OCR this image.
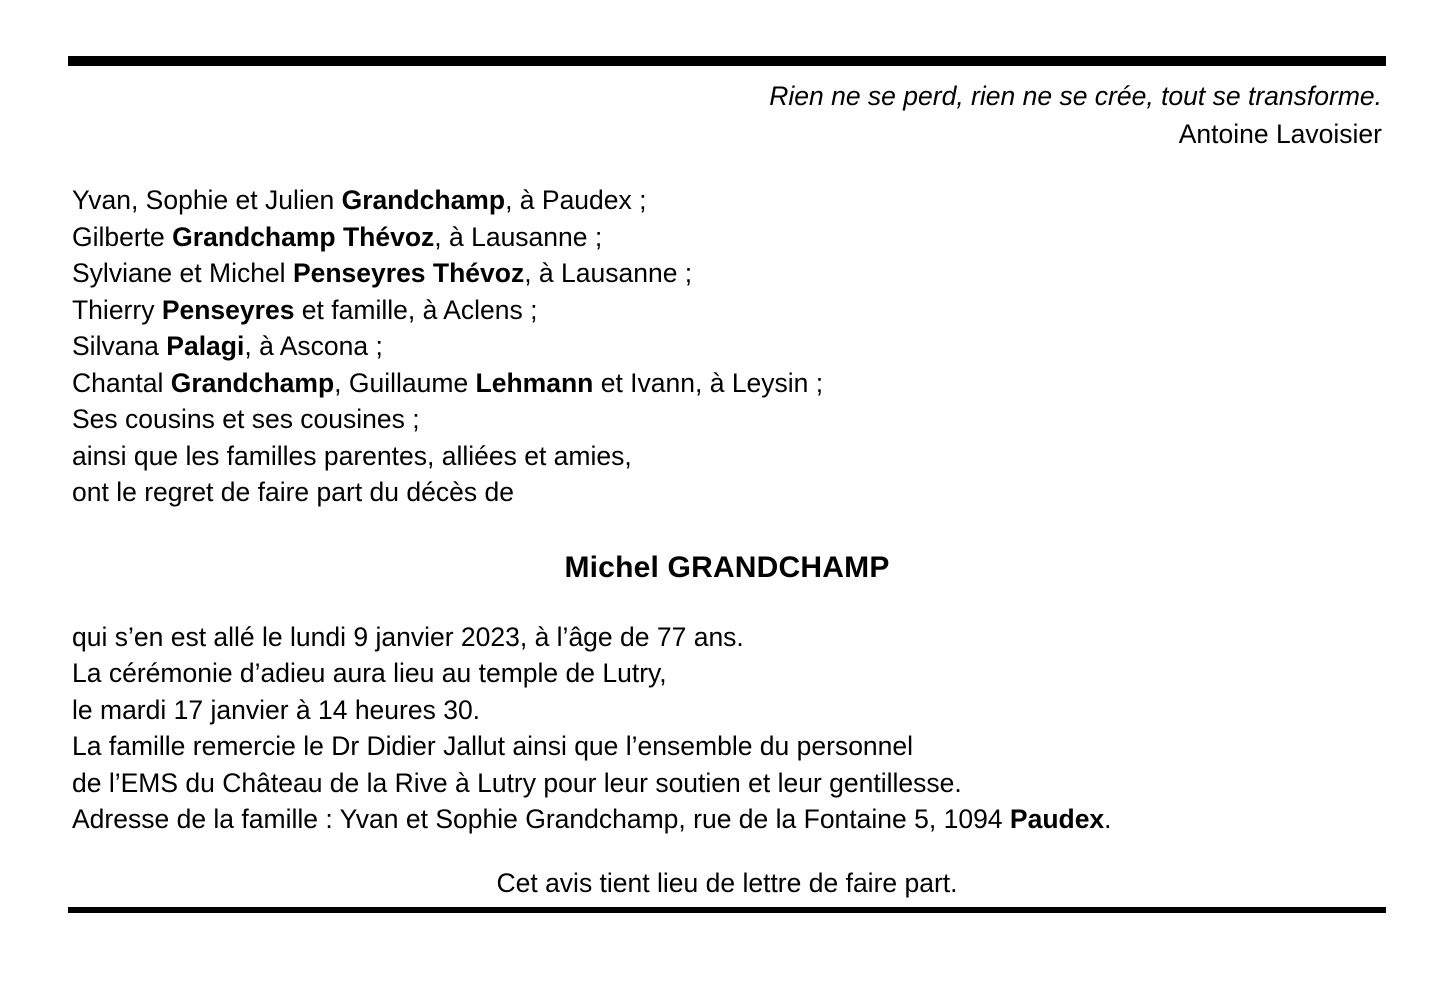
Rien ne se perd, rien ne se crée, tout se transforme.
Antoine Lavoisier
Yvan, Sophie et Julien Grandchamp, à Paudex ;
Gilberte Grandchamp Thévoz, à Lausanne ;
Sylviane et Michel Penseyres Thévoz, à Lausanne ;
Thierry Penseyres et famille, à Aclens ;
Silvana Palagi, à Ascona ;
Chantal Grandchamp, Guillaume Lehmann et Ivann, à Leysin ;
Ses cousins et ses cousines ;
ainsi que les familles parentes, alliées et amies,
ont le regret de faire part du décès de
Michel GRANDCHAMP
qui s’en est allé le lundi 9 janvier 2023, à l’âge de 77 ans.
La cérémonie d’adieu aura lieu au temple de Lutry,
le mardi 17 janvier à 14 heures 30.
La famille remercie le Dr Didier Jallut ainsi que l’ensemble du personnel
de l’EMS du Château de la Rive à Lutry pour leur soutien et leur gentillesse.
Adresse de la famille : Yvan et Sophie Grandchamp, rue de la Fontaine 5, 1094 Paudex.
Cet avis tient lieu de lettre de faire part.
